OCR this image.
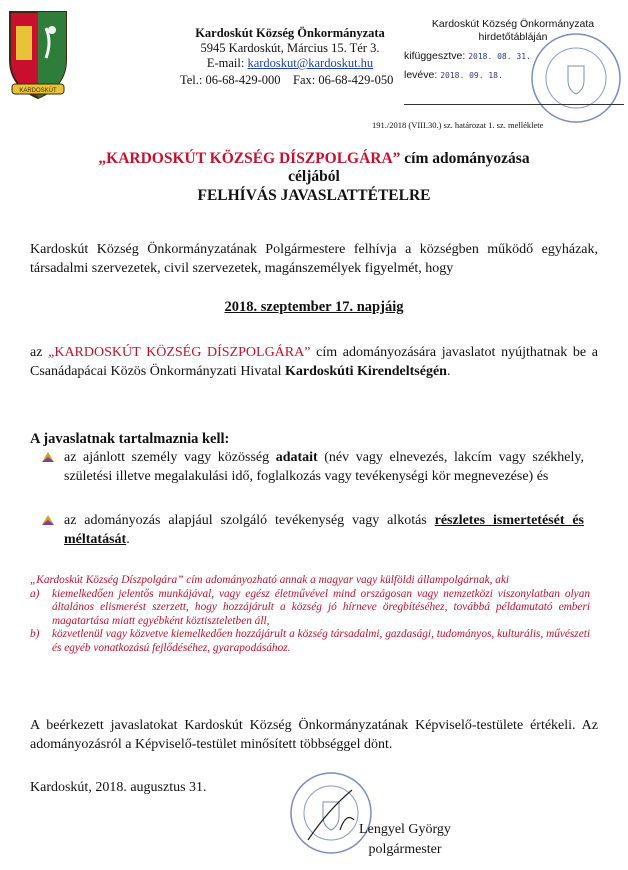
KARDOSKÚT
Kardoskút Község Önkormányzata
5945 Kardoskút, Március 15. Tér 3.
E-mail: kardoskut@kardoskut.hu
Tel.: 06-68-429-000 Fax: 06-68-429-050
Kardoskút Község Önkormányzata
hirdetőtábláján
kifüggesztve: 2018. 08. 31.
levéve: 2018. 09. 18.
191./2018 (VIII.30.) sz. határozat 1. sz. melléklete
„KARDOSKÚT KÖZSÉG DÍSZPOLGÁRA” cím adományozása
céljából
FELHÍVÁS JAVASLATTÉTELRE
Kardoskút Község Önkormányzatának Polgármestere felhívja a községben működő egyházak, társadalmi szervezetek, civil szervezetek, magánszemélyek figyelmét, hogy
2018. szeptember 17. napjáig
az „KARDOSKÚT KÖZSÉG DÍSZPOLGÁRA” cím adományozására javaslatot nyújthatnak be a Csanádapácai Közös Önkormányzati Hivatal Kardoskúti Kirendeltségén.
A javaslatnak tartalmaznia kell:
az ajánlott személy vagy közösség adatait (név vagy elnevezés, lakcím vagy székhely, születési illetve megalakulási idő, foglalkozás vagy tevékenységi kör megnevezése) és
az adományozás alapjául szolgáló tevékenység vagy alkotás részletes ismertetését és méltatását.
„Kardoskút Község Díszpolgára” cím adományozható annak a magyar vagy külföldi állampolgárnak, aki
a) kiemelkedően jelentős munkájával, vagy egész életművével mind országosan vagy nemzetközi viszonylatban olyan általános elismerést szerzett, hogy hozzájárult a község jó hírneve öregbítéséhez, továbbá példamutató emberi magatartása miatt egyébként köztiszteletben áll,
b) közvetlenül vagy közvetve kiemelkedően hozzájárult a község társadalmi, gazdasági, tudományos, kulturális, művészeti és egyéb vonatkozású fejlődéséhez, gyarapodásához.
A beérkezett javaslatokat Kardoskút Község Önkormányzatának Képviselő-testülete értékeli. Az adományozásról a Képviselő-testület minősített többséggel dönt.
Kardoskút, 2018. augusztus 31.
Lengyel György
polgármester
